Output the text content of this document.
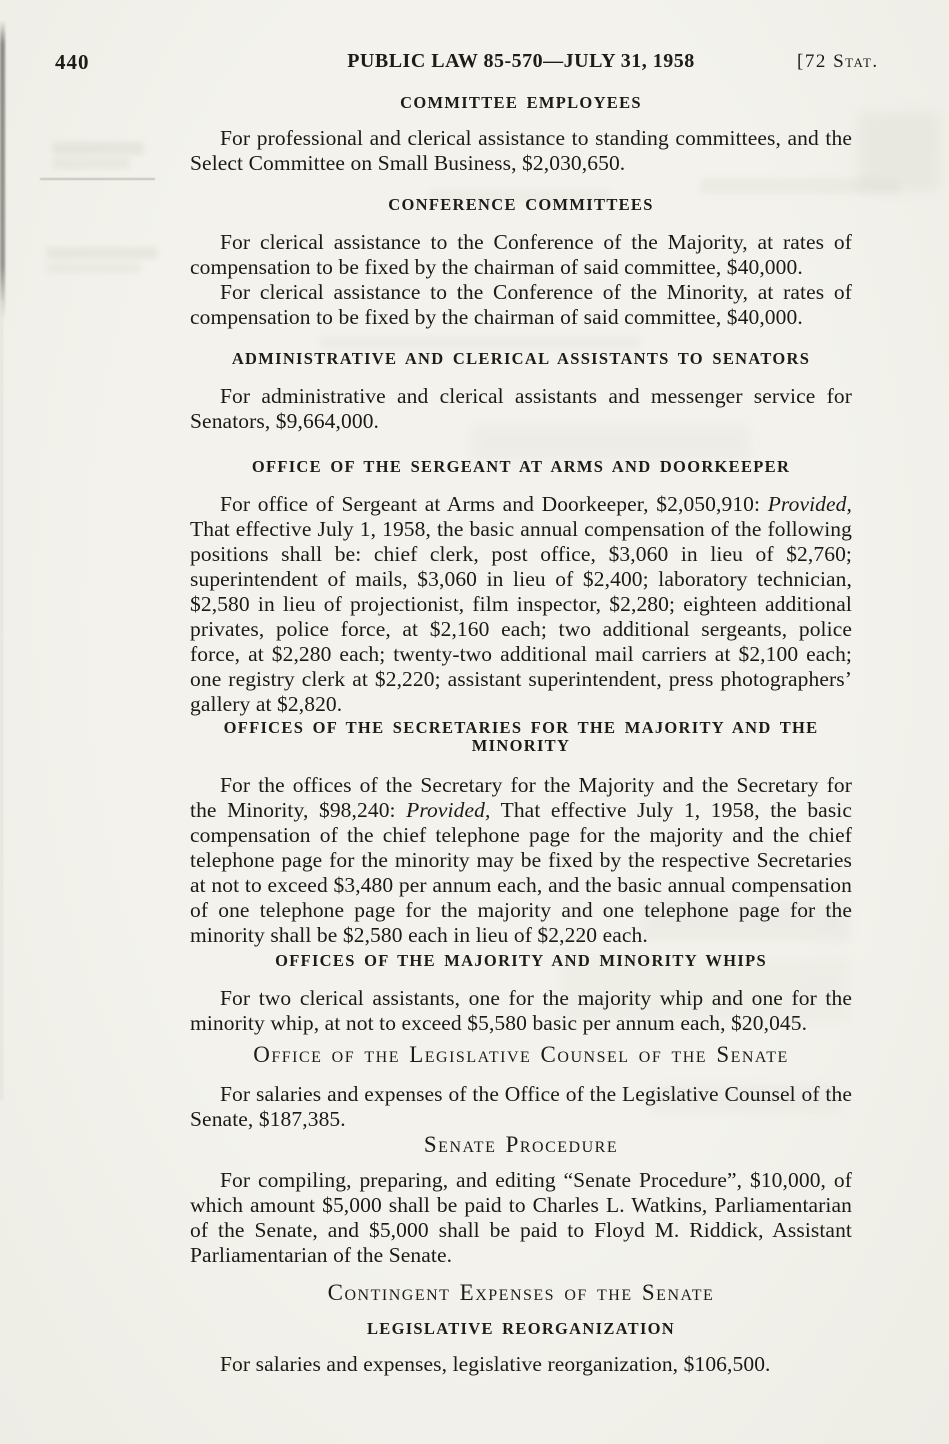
440	PUBLIC LAW 85-570—JULY 31, 1958	[72 Stat.
COMMITTEE EMPLOYEES

For professional and clerical assistance to standing committees, and the Select Committee on Small Business, $2,030,650.

CONFERENCE COMMITTEES

For clerical assistance to the Conference of the Majority, at rates of compensation to be fixed by the chairman of said committee, $40,000.

For clerical assistance to the Conference of the Minority, at rates of compensation to be fixed by the chairman of said committee, $40,000.

ADMINISTRATIVE AND CLERICAL ASSISTANTS TO SENATORS

For administrative and clerical assistants and messenger service for Senators, $9,664,000.

OFFICE OF THE SERGEANT AT ARMS AND DOORKEEPER

For office of Sergeant at Arms and Doorkeeper, $2,050,910: Provided, That effective July 1, 1958, the basic annual compensation of the following positions shall be: chief clerk, post office, $3,060 in lieu of $2,760; superintendent of mails, $3,060 in lieu of $2,400; laboratory technician, $2,580 in lieu of projectionist, film inspector, $2,280; eighteen additional privates, police force, at $2,160 each; two additional sergeants, police force, at $2,280 each; twenty-two additional mail carriers at $2,100 each; one registry clerk at $2,220; assistant superintendent, press photographers’ gallery at $2,820.

OFFICES OF THE SECRETARIES FOR THE MAJORITY AND THE MINORITY

For the offices of the Secretary for the Majority and the Secretary for the Minority, $98,240: Provided, That effective July 1, 1958, the basic compensation of the chief telephone page for the majority and the chief telephone page for the minority may be fixed by the respective Secretaries at not to exceed $3,480 per annum each, and the basic annual compensation of one telephone page for the majority and one telephone page for the minority shall be $2,580 each in lieu of $2,220 each.

OFFICES OF THE MAJORITY AND MINORITY WHIPS

For two clerical assistants, one for the majority whip and one for the minority whip, at not to exceed $5,580 basic per annum each, $20,045.

Office of the Legislative Counsel of the Senate

For salaries and expenses of the Office of the Legislative Counsel of the Senate, $187,385.

Senate Procedure

For compiling, preparing, and editing “Senate Procedure”, $10,000, of which amount $5,000 shall be paid to Charles L. Watkins, Parliamentarian of the Senate, and $5,000 shall be paid to Floyd M. Riddick, Assistant Parliamentarian of the Senate.

Contingent Expenses of the Senate
LEGISLATIVE REORGANIZATION

For salaries and expenses, legislative reorganization, $106,500.
